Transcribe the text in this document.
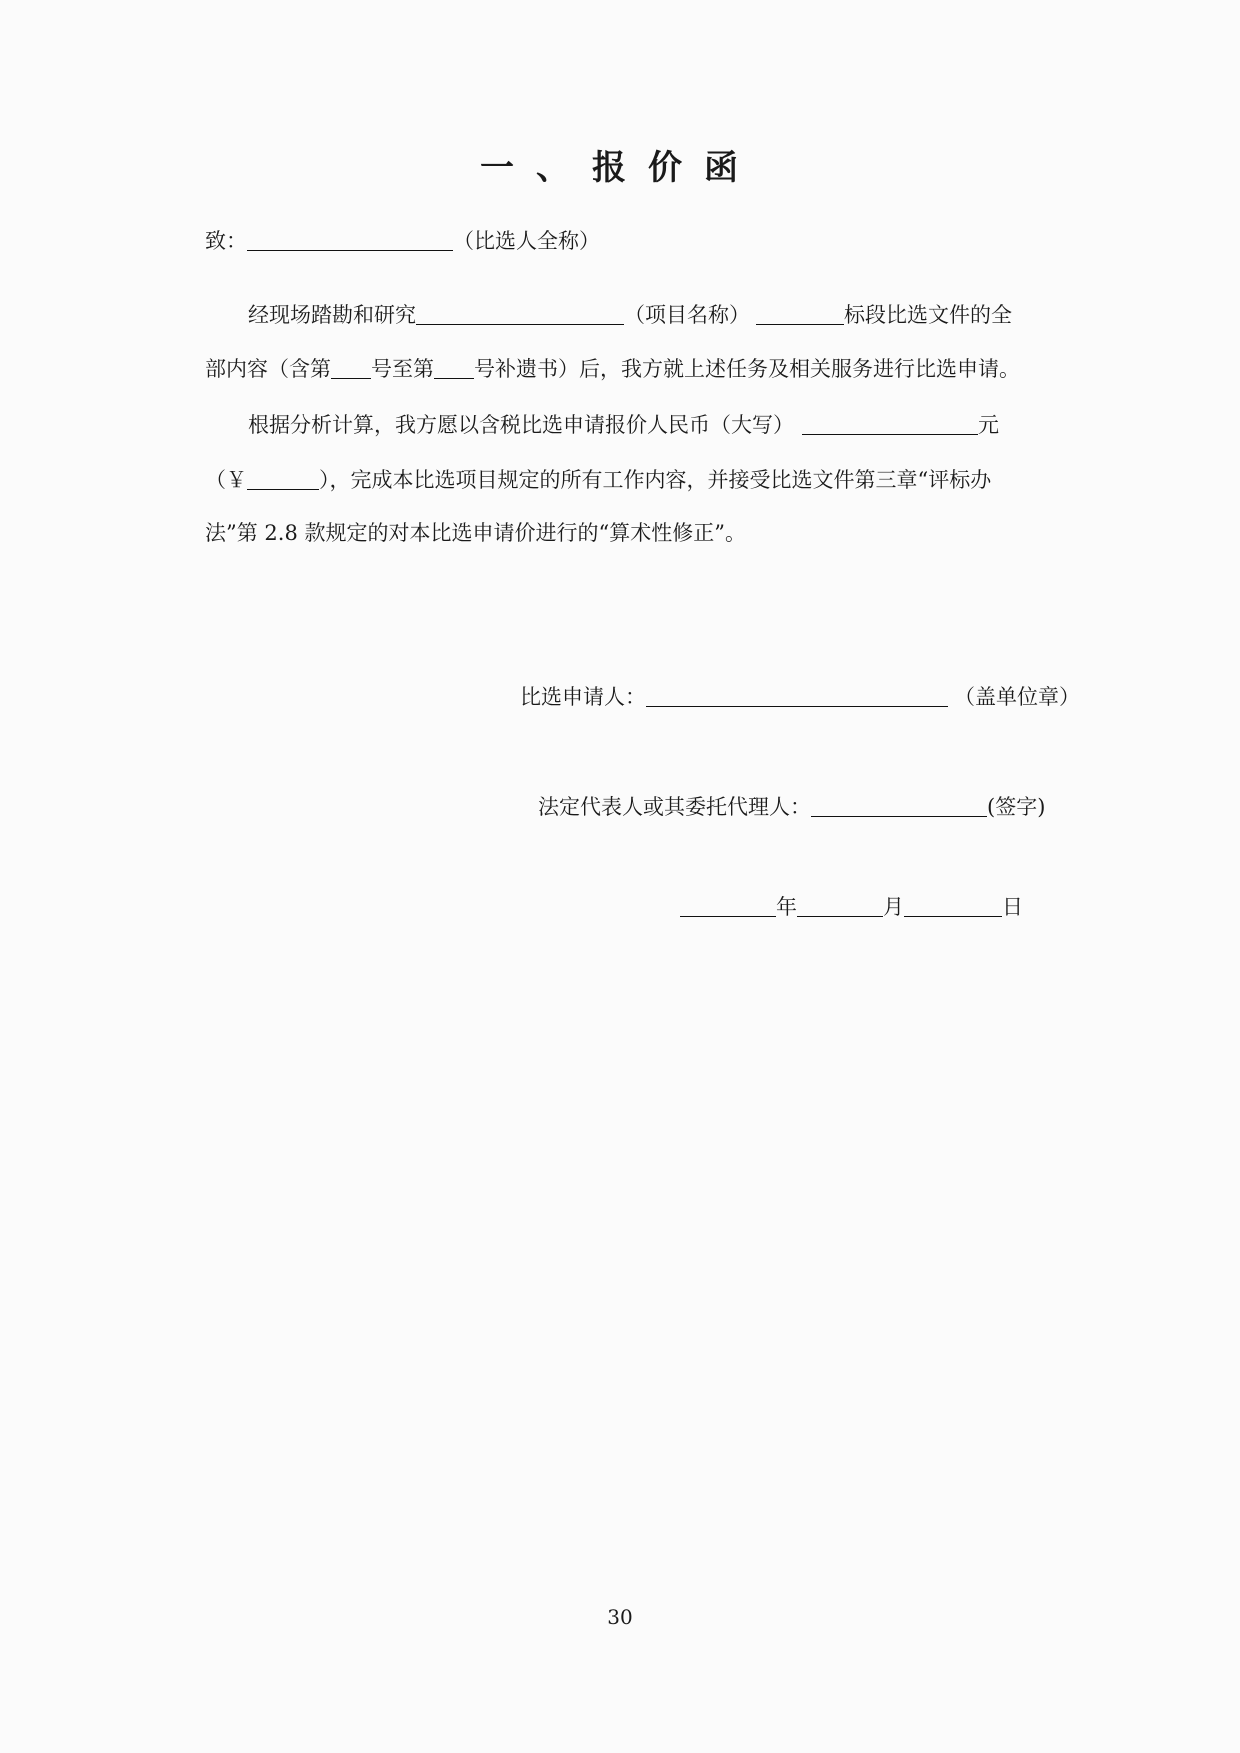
一、报价函
致：	（比选人全称）
经现场踏勘和研究	（项目名称）	标段比选文件的全
部内容（含第 号至第 号补遗书）后，我方就上述任务及相关服务进行比选申请。
根据分析计算，我方愿以含税比选申请报价人民币（大写）	元
（￥	），完成本比选项目规定的所有工作内容，并接受比选文件第三章“评标办
法”第 2.8 款规定的对本比选申请价进行的“算术性修正”。
比选申请人：	（盖单位章）
法定代表人或其委托代理人：	(签字)
年	月	日
30
